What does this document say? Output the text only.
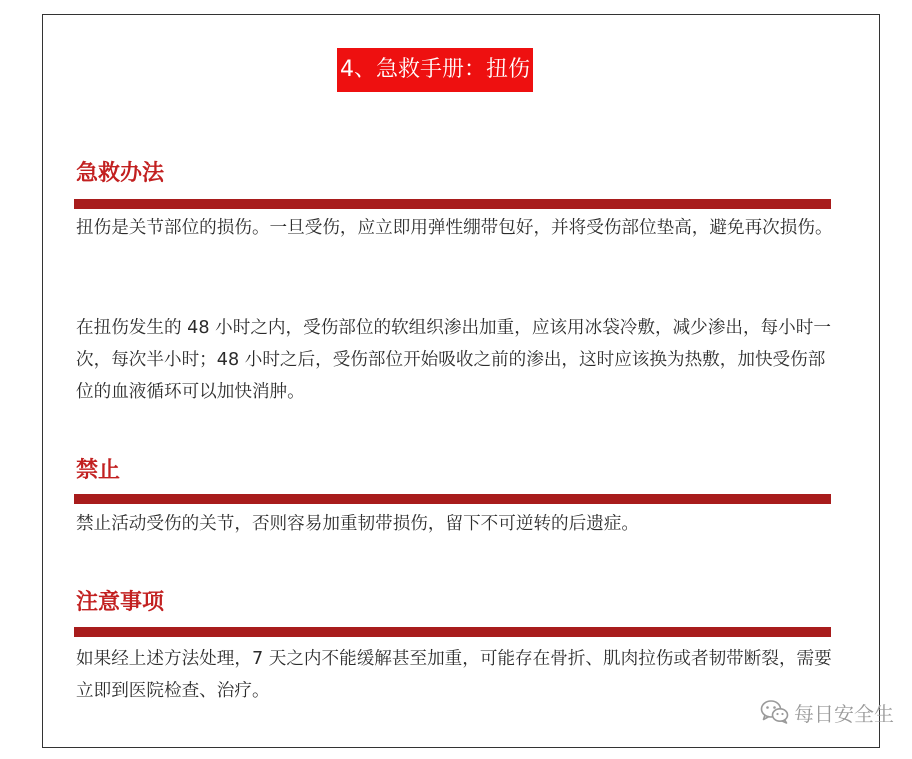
4、急救手册：扭伤
急救办法

扭伤是关节部位的损伤。一旦受伤，应立即用弹性绷带包好，并将受伤部位垫高，避免再次损伤。

在扭伤发生的 48 小时之内，受伤部位的软组织渗出加重，应该用冰袋冷敷，减少渗出，每小时一次，每次半小时；48 小时之后，受伤部位开始吸收之前的渗出，这时应该换为热敷，加快受伤部位的血液循环可以加快消肿。

禁止

禁止活动受伤的关节，否则容易加重韧带损伤，留下不可逆转的后遗症。

注意事项

如果经上述方法处理，7 天之内不能缓解甚至加重，可能存在骨折、肌肉拉伤或者韧带断裂，需要立即到医院检查、治疗。

每日安全生
